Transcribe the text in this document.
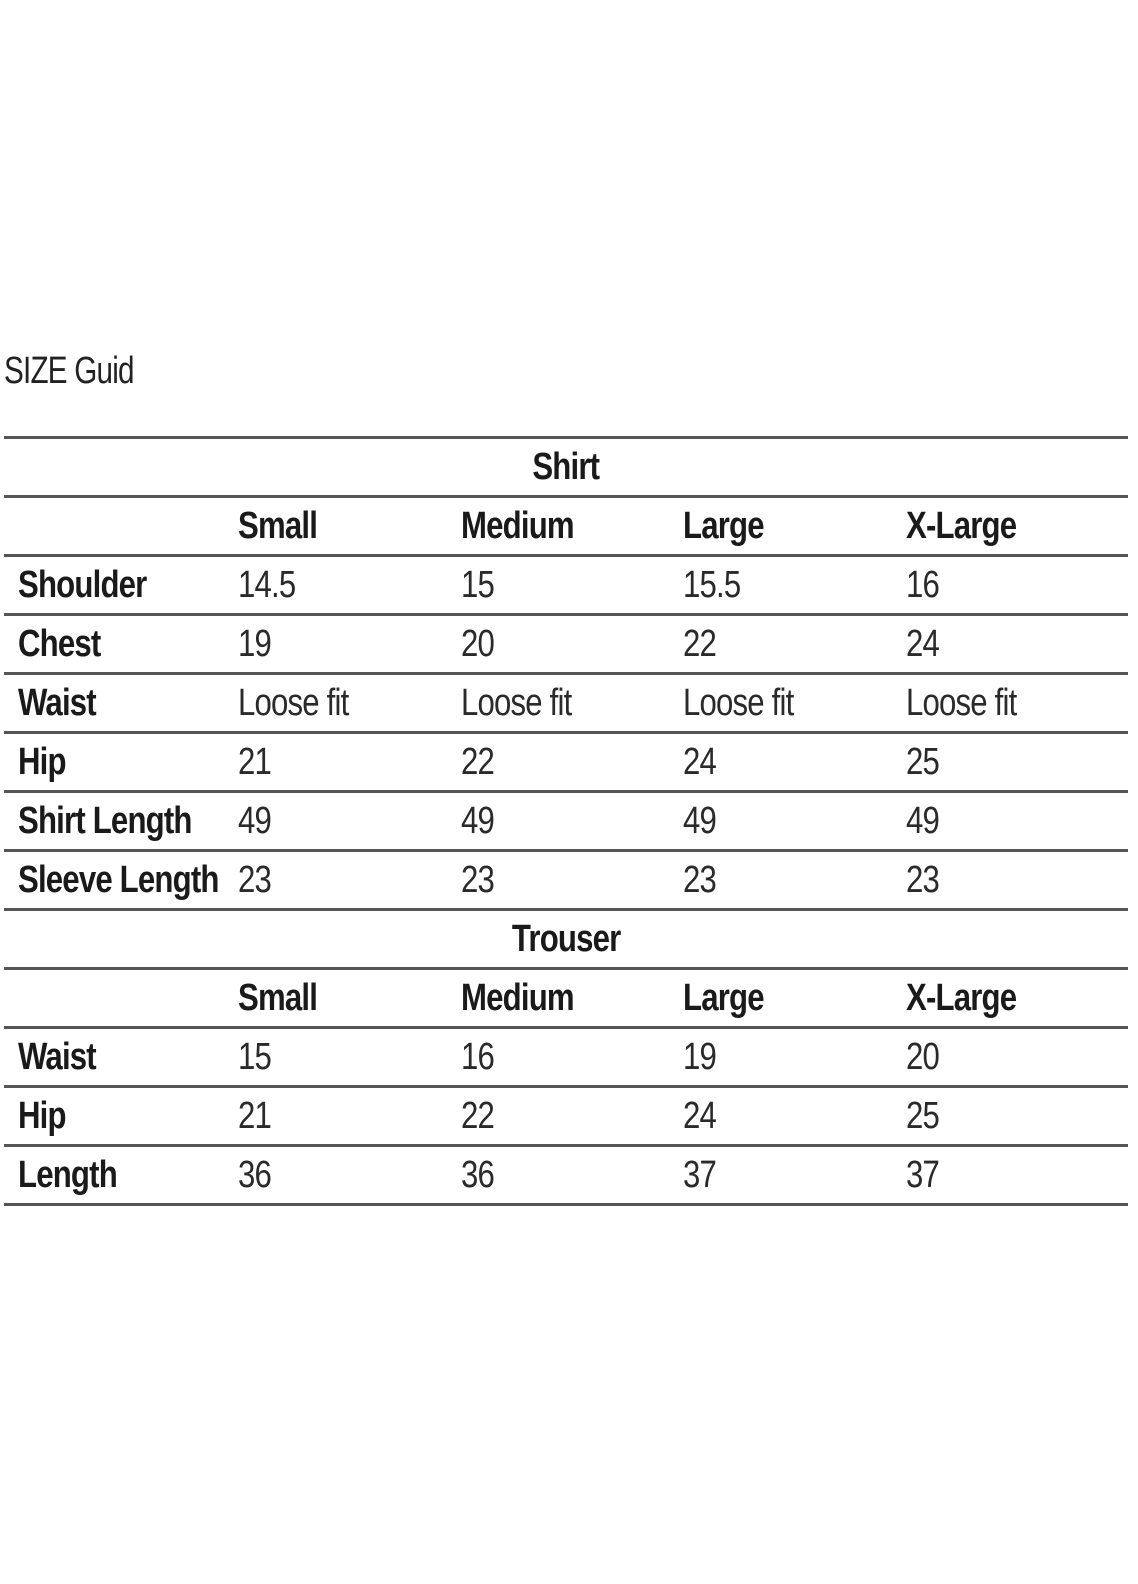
SIZE Guid
Shirt				
	Small	Medium	Large	X-Large
Shoulder	14.5	15	15.5	16
Chest	19	20	22	24
Waist	Loose fit	Loose fit	Loose fit	Loose fit
Hip	21	22	24	25
Shirt Length	49	49	49	49
Sleeve Length	23	23	23	23
Trouser				
	Small	Medium	Large	X-Large
Waist	15	16	19	20
Hip	21	22	24	25
Length	36	36	37	37
